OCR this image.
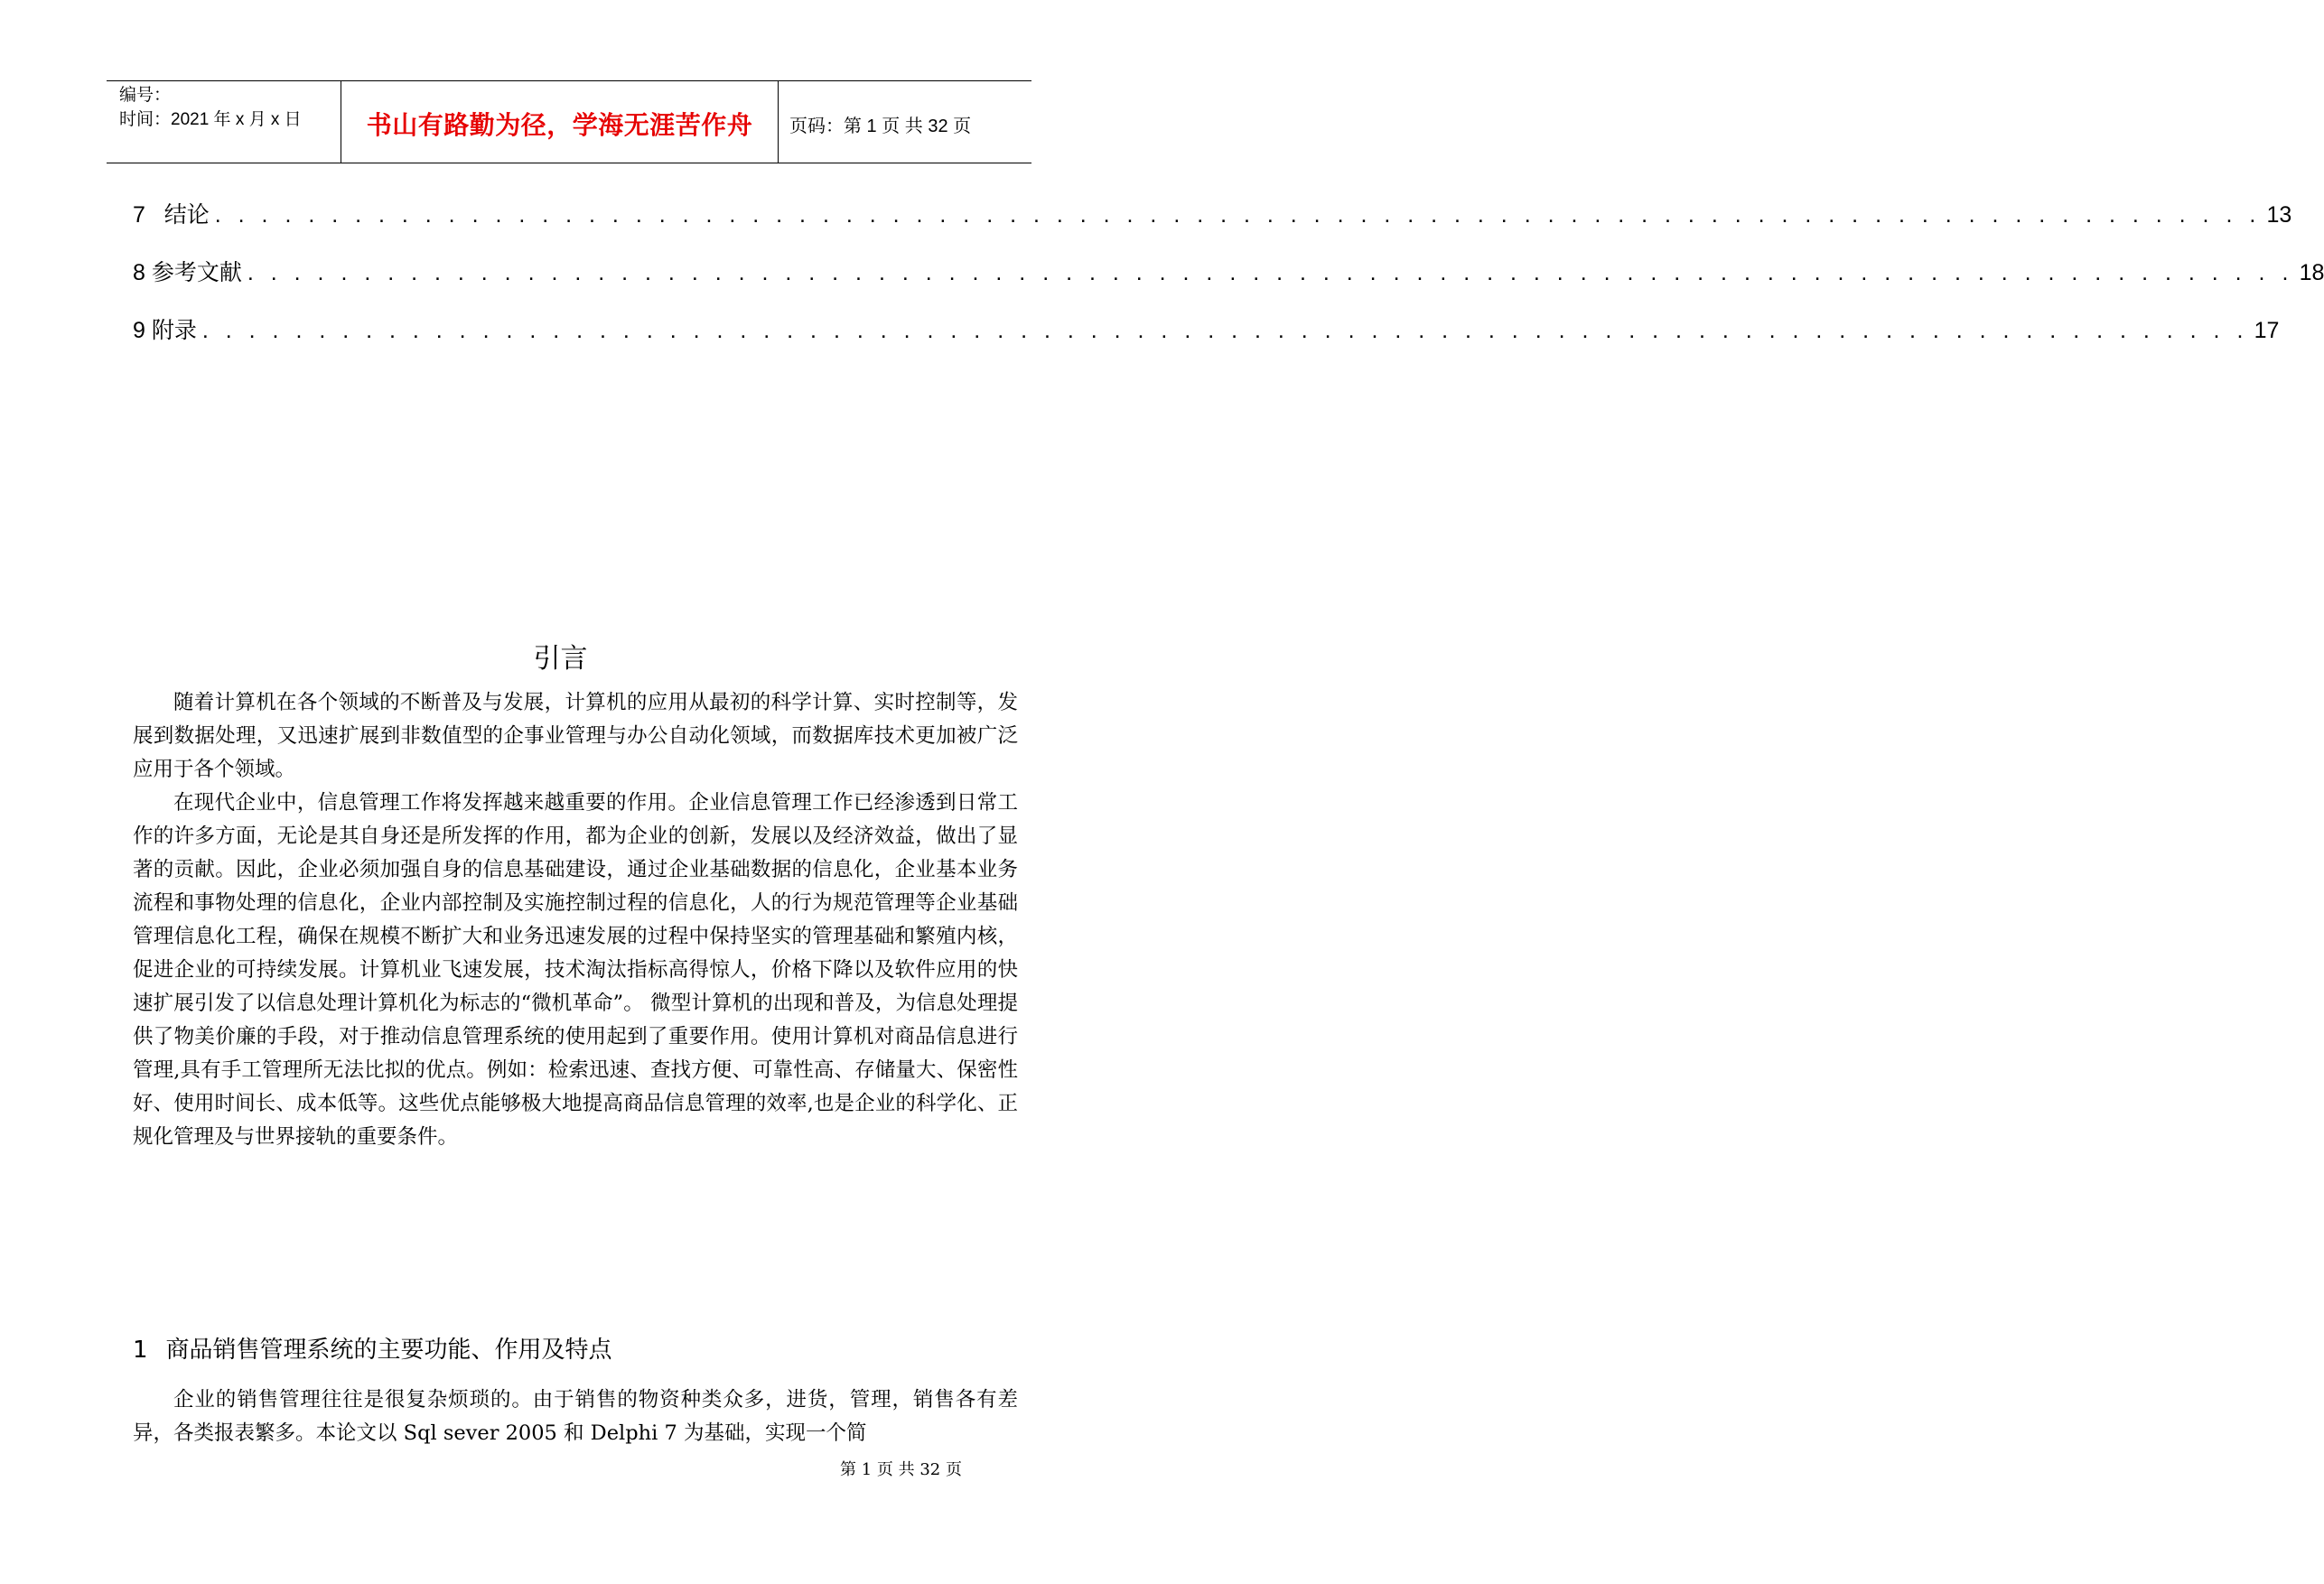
编号：
时间：2021 年 x 月 x 日	书山有路勤为径，学海无涯苦作舟	页码：第 1 页 共 32 页
7 结论 . . . . . . . . . . . . . . . . . . . . . . . . . . . . . . . . . . . . . . . . . . . . . . . . . . . . . . . . . . . . . . . . . . . . . . . . . . . . . . . . . . . . . . . . 13
8 参考文献 . . . . . . . . . . . . . . . . . . . . . . . . . . . . . . . . . . . . . . . . . . . . . . . . . . . . . . . . . . . . . . . . . . . . . . . . . . . . . . . . . . . . . . . . 18
9 附录 . . . . . . . . . . . . . . . . . . . . . . . . . . . . . . . . . . . . . . . . . . . . . . . . . . . . . . . . . . . . . . . . . . . . . . . . . . . . . . . . . . . . . . . . 17
引言

随着计算机在各个领域的不断普及与发展，计算机的应用从最初的科学计算、实时控制等，发展到数据处理，又迅速扩展到非数值型的企事业管理与办公自动化领域，而数据库技术更加被广泛应用于各个领域。

在现代企业中，信息管理工作将发挥越来越重要的作用。企业信息管理工作已经渗透到日常工作的许多方面，无论是其自身还是所发挥的作用，都为企业的创新，发展以及经济效益，做出了显著的贡献。因此，企业必须加强自身的信息基础建设，通过企业基础数据的信息化，企业基本业务流程和事物处理的信息化，企业内部控制及实施控制过程的信息化，人的行为规范管理等企业基础管理信息化工程，确保在规模不断扩大和业务迅速发展的过程中保持坚实的管理基础和繁殖内核，促进企业的可持续发展。计算机业飞速发展，技术淘汰指标高得惊人，价格下降以及软件应用的快速扩展引发了以信息处理计算机化为标志的“微机革命”。 微型计算机的出现和普及，为信息处理提供了物美价廉的手段，对于推动信息管理系统的使用起到了重要作用。使用计算机对商品信息进行管理,具有手工管理所无法比拟的优点。例如：检索迅速、查找方便、可靠性高、存储量大、保密性好、使用时间长、成本低等。这些优点能够极大地提高商品信息管理的效率,也是企业的科学化、正规化管理及与世界接轨的重要条件。

1 商品销售管理系统的主要功能、作用及特点

企业的销售管理往往是很复杂烦琐的。由于销售的物资种类众多，进货，管理，销售各有差异，各类报表繁多。本论文以 Sql sever 2005 和 Delphi 7 为基础，实现一个简

第 1 页 共 32 页
